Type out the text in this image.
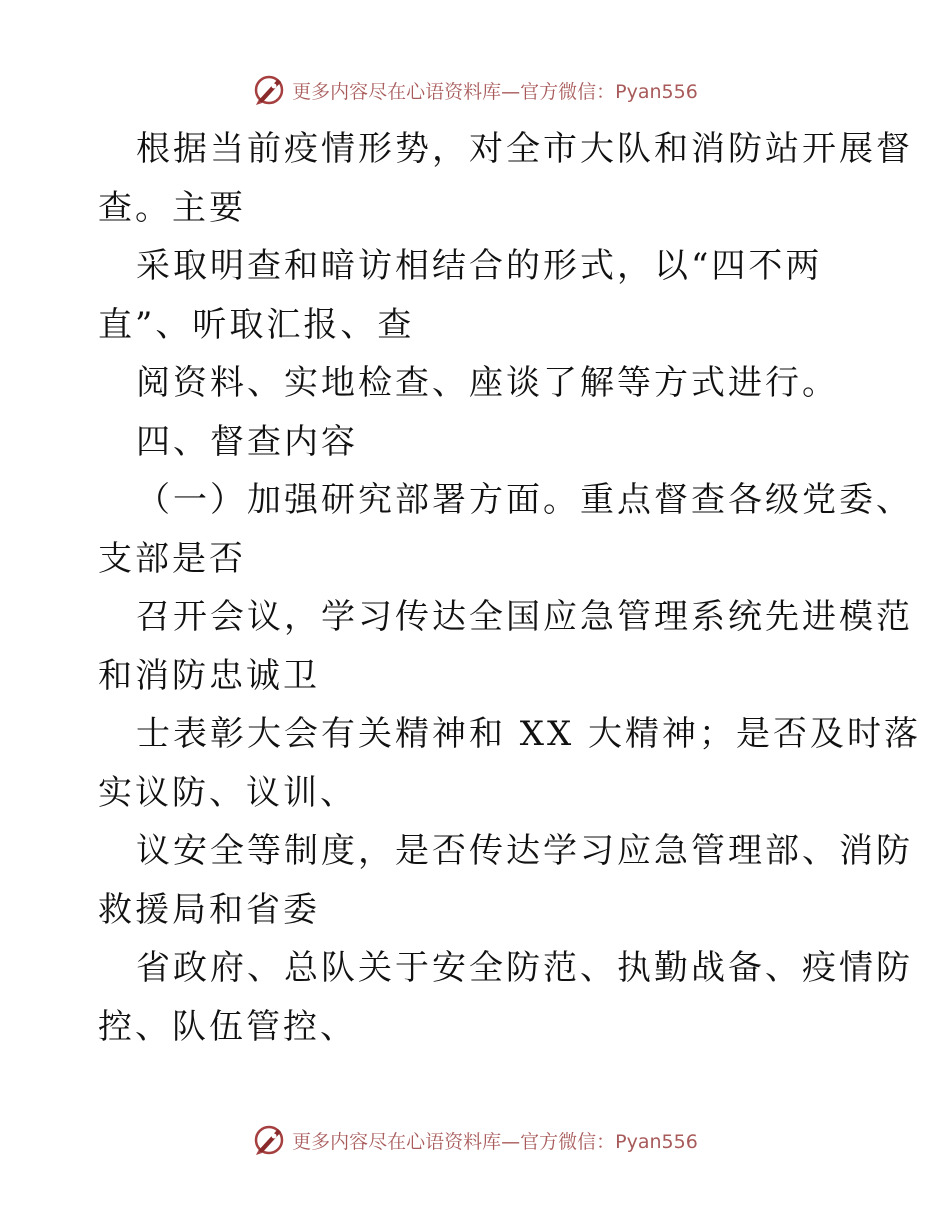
更多内容尽在心语资料库—官方微信：Pyan556
根据当前疫情形势，对全市大队和消防站开展督
查。主要
采取明查和暗访相结合的形式，以“四不两
直”、听取汇报、查
阅资料、实地检查、座谈了解等方式进行。
四、督查内容
（一）加强研究部署方面。重点督查各级党委、
支部是否
召开会议，学习传达全国应急管理系统先进模范
和消防忠诚卫
士表彰大会有关精神和 XX 大精神；是否及时落
实议防、议训、
议安全等制度，是否传达学习应急管理部、消防
救援局和省委
省政府、总队关于安全防范、执勤战备、疫情防
控、队伍管控、
更多内容尽在心语资料库—官方微信：Pyan556
